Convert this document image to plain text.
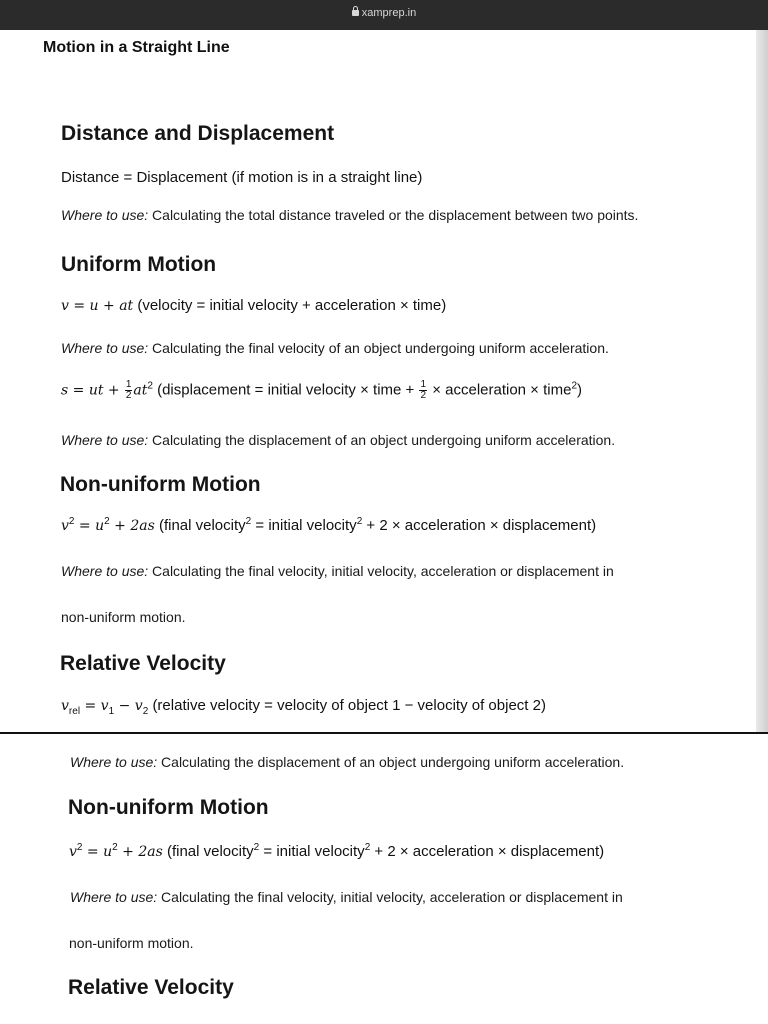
xamprep.in
Motion in a Straight Line
Distance and Displacement
Distance = Displacement (if motion is in a straight line)
Where to use: Calculating the total distance traveled or the displacement between two points.
Uniform Motion
v = u + at (velocity = initial velocity + acceleration × time)
Where to use: Calculating the final velocity of an object undergoing uniform acceleration.
s = ut + $\frac{1}{2} at^2$ (displacement = initial velocity × time + $\frac{1}{2}$ × acceleration × time$^2$)
Where to use: Calculating the displacement of an object undergoing uniform acceleration.
Non-uniform Motion
$v^2 = u^2 + 2as$ (final velocity$^2$ = initial velocity$^2$ + 2 × acceleration × displacement)
Where to use: Calculating the final velocity, initial velocity, acceleration or displacement in
non-uniform motion.
Relative Velocity
$v_{rel} = v_1 - v_2$ (relative velocity = velocity of object 1 − velocity of object 2)
Where to use: Calculating the displacement of an object undergoing uniform acceleration.
Non-uniform Motion
$v^2 = u^2 + 2as$ (final velocity$^2$ = initial velocity$^2$ + 2 × acceleration × displacement)
Where to use: Calculating the final velocity, initial velocity, acceleration or displacement in
non-uniform motion.
Relative Velocity
